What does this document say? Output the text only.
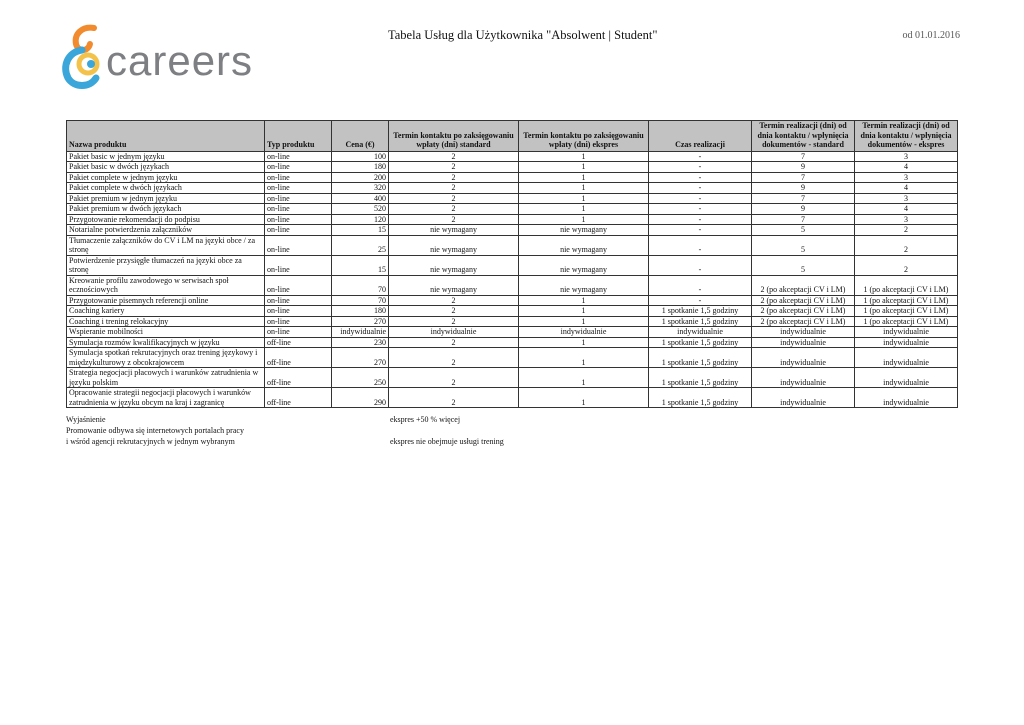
careers
Tabela Usług dla Użytkownika "Absolwent | Student"	od 01.01.2016
Nazwa produktu	Typ produktu	Cena (€)	Termin kontaktu po zaksięgowaniu wpłaty (dni) standard	Termin kontaktu po zaksięgowaniu wpłaty (dni) ekspres	Czas realizacji	Termin realizacji (dni) od dnia kontaktu / wpłynięcia dokumentów - standard	Termin realizacji (dni) od dnia kontaktu / wpłynięcia dokumentów - ekspres
Pakiet basic w jednym języku	on-line	100	2	1	-	7	3
Pakiet basic w dwóch językach	on-line	180	2	1	-	9	4
Pakiet complete w jednym języku	on-line	200	2	1	-	7	3
Pakiet complete w dwóch językach	on-line	320	2	1	-	9	4
Pakiet premium w jednym języku	on-line	400	2	1	-	7	3
Pakiet premium w dwóch językach	on-line	520	2	1	-	9	4
Przygotowanie rekomendacji do podpisu	on-line	120	2	1	-	7	3
Notarialne potwierdzenia załączników	on-line	15	nie wymagany	nie wymagany	-	5	2
Tłumaczenie załączników do CV i LM na języki obce / za stronę	on-line	25	nie wymagany	nie wymagany	-	5	2
Potwierdzenie przysięgłe tłumaczeń na języki obce za stronę	on-line	15	nie wymagany	nie wymagany	-	5	2
Kreowanie profilu zawodowego w serwisach społ ecznościowych	on-line	70	nie wymagany	nie wymagany	-	2 (po akceptacji CV i LM)	1 (po akceptacji CV i LM)
Przygotowanie pisemnych referencji online	on-line	70	2	1	-	2 (po akceptacji CV i LM)	1 (po akceptacji CV i LM)
Coaching kariery	on-line	180	2	1	1 spotkanie 1,5 godziny	2 (po akceptacji CV i LM)	1 (po akceptacji CV i LM)
Coaching i trening relokacyjny	on-line	270	2	1	1 spotkanie 1,5 godziny	2 (po akceptacji CV i LM)	1 (po akceptacji CV i LM)
Wspieranie mobilności	on-line	indywidualnie	indywidualnie	indywidualnie	indywidualnie	indywidualnie	indywidualnie
Symulacja rozmów kwalifikacyjnych w języku	off-line	230	2	1	1 spotkanie 1,5 godziny	indywidualnie	indywidualnie
Symulacja spotkań rekrutacyjnych oraz trening językowy i międzykulturowy z obcokrajowcem	off-line	270	2	1	1 spotkanie 1,5 godziny	indywidualnie	indywidualnie
Strategia negocjacji płacowych i warunków zatrudnienia w języku polskim	off-line	250	2	1	1 spotkanie 1,5 godziny	indywidualnie	indywidualnie
Opracowanie strategii negocjacji płacowych i warunków zatrudnienia w języku obcym na kraj i zagranicę	off-line	290	2	1	1 spotkanie 1,5 godziny	indywidualnie	indywidualnie
Wyjaśnienie
Promowanie odbywa się internetowych portalach pracy
i wśród agencji rekrutacyjnych w jednym wybranym
ekspres +50 % więcej
ekspres nie obejmuje usługi trening
